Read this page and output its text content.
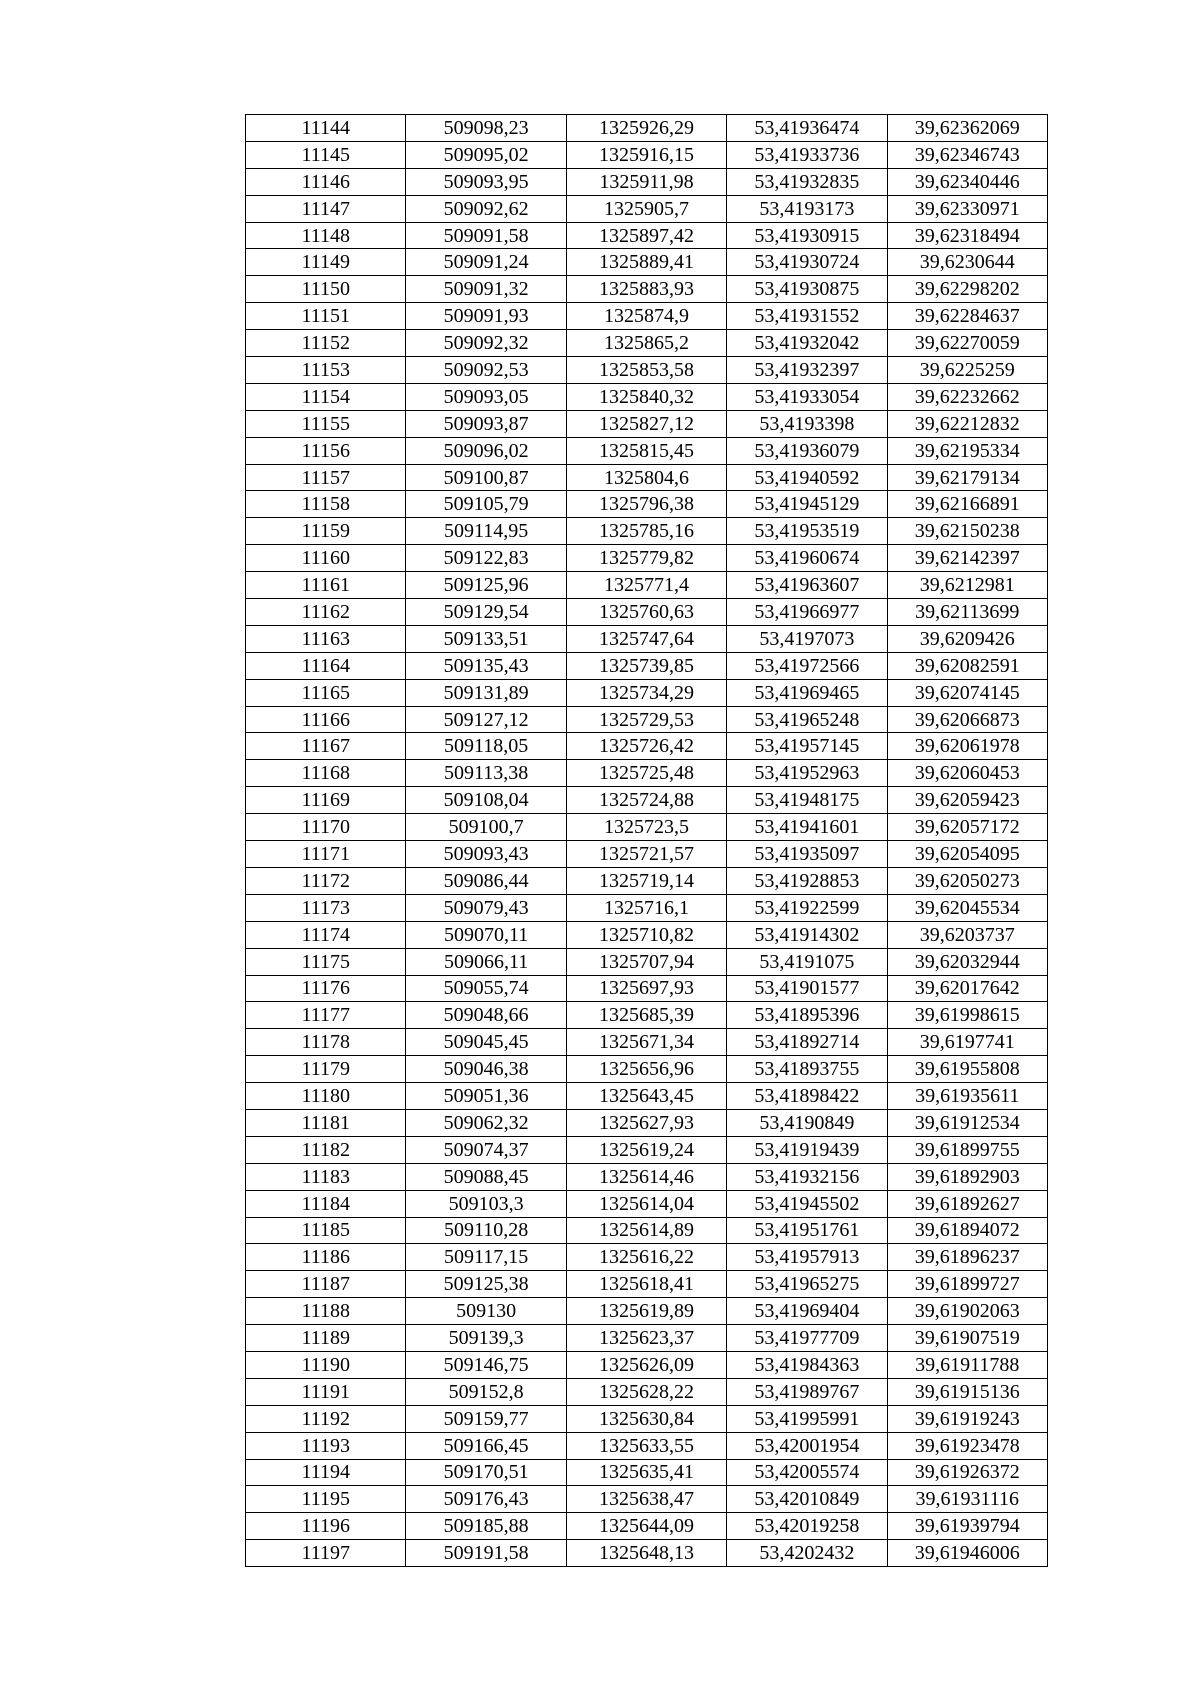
11144	509098,23	1325926,29	53,41936474	39,62362069
11145	509095,02	1325916,15	53,41933736	39,62346743
11146	509093,95	1325911,98	53,41932835	39,62340446
11147	509092,62	1325905,7	53,4193173	39,62330971
11148	509091,58	1325897,42	53,41930915	39,62318494
11149	509091,24	1325889,41	53,41930724	39,6230644
11150	509091,32	1325883,93	53,41930875	39,62298202
11151	509091,93	1325874,9	53,41931552	39,62284637
11152	509092,32	1325865,2	53,41932042	39,62270059
11153	509092,53	1325853,58	53,41932397	39,6225259
11154	509093,05	1325840,32	53,41933054	39,62232662
11155	509093,87	1325827,12	53,4193398	39,62212832
11156	509096,02	1325815,45	53,41936079	39,62195334
11157	509100,87	1325804,6	53,41940592	39,62179134
11158	509105,79	1325796,38	53,41945129	39,62166891
11159	509114,95	1325785,16	53,41953519	39,62150238
11160	509122,83	1325779,82	53,41960674	39,62142397
11161	509125,96	1325771,4	53,41963607	39,6212981
11162	509129,54	1325760,63	53,41966977	39,62113699
11163	509133,51	1325747,64	53,4197073	39,6209426
11164	509135,43	1325739,85	53,41972566	39,62082591
11165	509131,89	1325734,29	53,41969465	39,62074145
11166	509127,12	1325729,53	53,41965248	39,62066873
11167	509118,05	1325726,42	53,41957145	39,62061978
11168	509113,38	1325725,48	53,41952963	39,62060453
11169	509108,04	1325724,88	53,41948175	39,62059423
11170	509100,7	1325723,5	53,41941601	39,62057172
11171	509093,43	1325721,57	53,41935097	39,62054095
11172	509086,44	1325719,14	53,41928853	39,62050273
11173	509079,43	1325716,1	53,41922599	39,62045534
11174	509070,11	1325710,82	53,41914302	39,6203737
11175	509066,11	1325707,94	53,4191075	39,62032944
11176	509055,74	1325697,93	53,41901577	39,62017642
11177	509048,66	1325685,39	53,41895396	39,61998615
11178	509045,45	1325671,34	53,41892714	39,6197741
11179	509046,38	1325656,96	53,41893755	39,61955808
11180	509051,36	1325643,45	53,41898422	39,61935611
11181	509062,32	1325627,93	53,4190849	39,61912534
11182	509074,37	1325619,24	53,41919439	39,61899755
11183	509088,45	1325614,46	53,41932156	39,61892903
11184	509103,3	1325614,04	53,41945502	39,61892627
11185	509110,28	1325614,89	53,41951761	39,61894072
11186	509117,15	1325616,22	53,41957913	39,61896237
11187	509125,38	1325618,41	53,41965275	39,61899727
11188	509130	1325619,89	53,41969404	39,61902063
11189	509139,3	1325623,37	53,41977709	39,61907519
11190	509146,75	1325626,09	53,41984363	39,61911788
11191	509152,8	1325628,22	53,41989767	39,61915136
11192	509159,77	1325630,84	53,41995991	39,61919243
11193	509166,45	1325633,55	53,42001954	39,61923478
11194	509170,51	1325635,41	53,42005574	39,61926372
11195	509176,43	1325638,47	53,42010849	39,61931116
11196	509185,88	1325644,09	53,42019258	39,61939794
11197	509191,58	1325648,13	53,4202432	39,61946006
